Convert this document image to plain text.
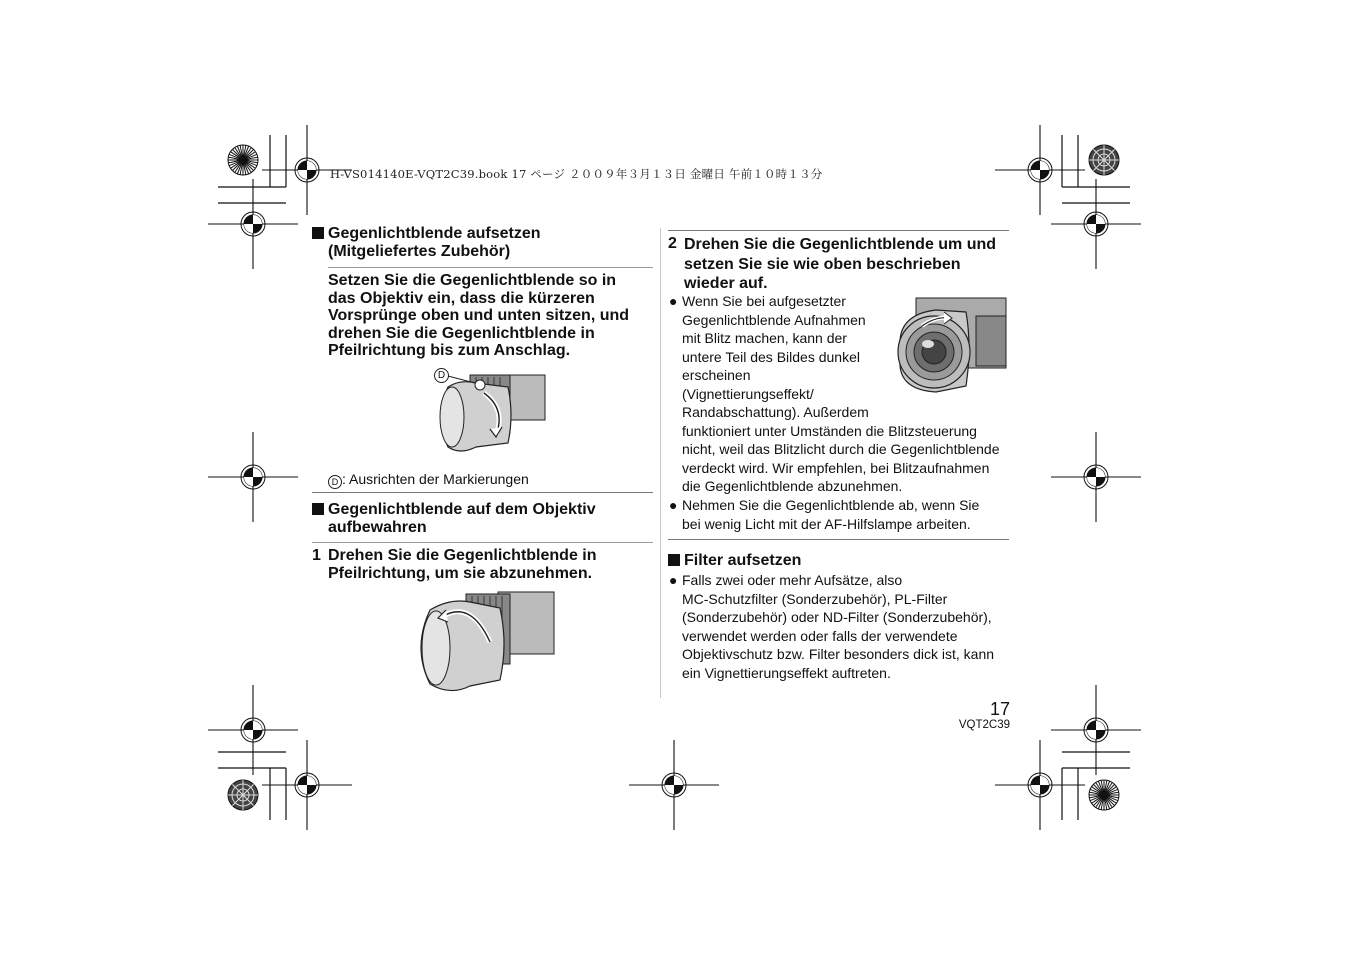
H-VS014140E-VQT2C39.book 17 ページ ２００９年３月１３日 金曜日 午前１０時１３分
Gegenlichtblende aufsetzen
(Mitgeliefertes Zubehör)
Setzen Sie die Gegenlichtblende so in
das Objektiv ein, dass die kürzeren
Vorsprünge oben und unten sitzen, und
drehen Sie die Gegenlichtblende in
Pfeilrichtung bis zum Anschlag.
D
D : Ausrichten der Markierungen
Gegenlichtblende auf dem Objektiv
aufbewahren
1 Drehen Sie die Gegenlichtblende in
Pfeilrichtung, um sie abzunehmen.
2 Drehen Sie die Gegenlichtblende um und
setzen Sie sie wie oben beschrieben
wieder auf.
● Wenn Sie bei aufgesetzter
Gegenlichtblende Aufnahmen
mit Blitz machen, kann der
untere Teil des Bildes dunkel
erscheinen
(Vignettierungseffekt/
Randabschattung). Außerdem
funktioniert unter Umständen die Blitzsteuerung
nicht, weil das Blitzlicht durch die Gegenlichtblende
verdeckt wird. Wir empfehlen, bei Blitzaufnahmen
die Gegenlichtblende abzunehmen.
● Nehmen Sie die Gegenlichtblende ab, wenn Sie
bei wenig Licht mit der AF-Hilfslampe arbeiten.
Filter aufsetzen
● Falls zwei oder mehr Aufsätze, also
MC-Schutzfilter (Sonderzubehör), PL-Filter
(Sonderzubehör) oder ND-Filter (Sonderzubehör),
verwendet werden oder falls der verwendete
Objektivschutz bzw. Filter besonders dick ist, kann
ein Vignettierungseffekt auftreten.
17
VQT2C39
